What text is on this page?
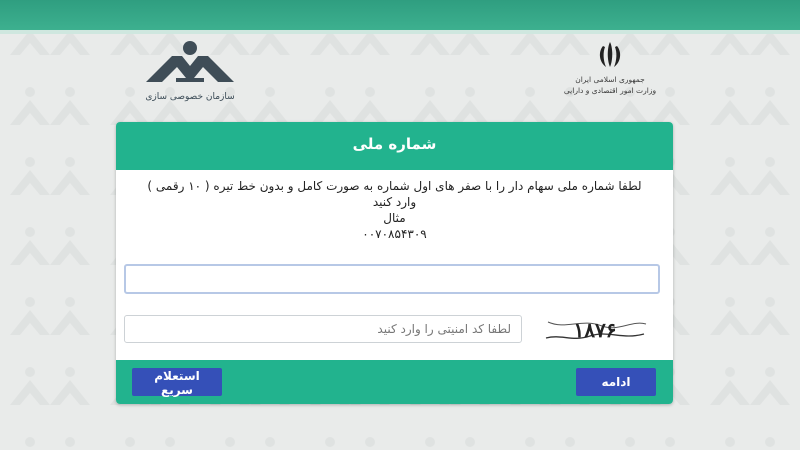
سازمان خصوصی سازی
جمهوری اسلامی ایران
وزارت امور اقتصادی و دارایی
شماره ملی
لطفا شماره ملی سهام دار را با صفر های اول شماره به صورت کامل و بدون خط تیره ( ۱۰ رقمی ) وارد کنید
مثال
۰۰۷۰۸۵۴۳۰۹
لطفا کد امنیتی را وارد کنید
۱۸۷۶
استعلام سریع
ادامه
